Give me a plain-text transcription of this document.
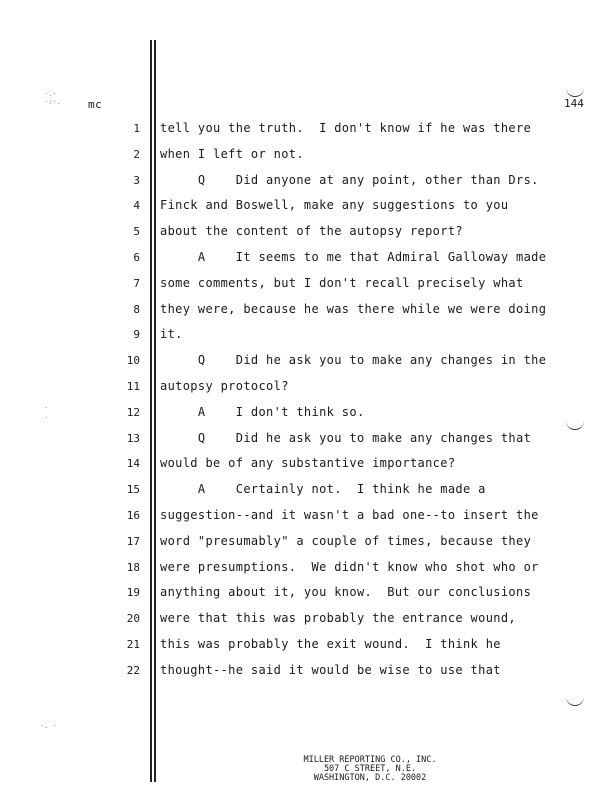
·.·
·:·.
·
.
·. ·
mc	144
1 tell you the truth.  I don't know if he was there
2 when I left or not.
3 Q    Did anyone at any point, other than Drs.
4 Finck and Boswell, make any suggestions to you
5 about the content of the autopsy report?
6 A    It seems to me that Admiral Galloway made
7 some comments, but I don't recall precisely what
8 they were, because he was there while we were doing
9 it.
10 Q    Did he ask you to make any changes in the
11 autopsy protocol?
12 A    I don't think so.
13 Q    Did he ask you to make any changes that
14 would be of any substantive importance?
15 A    Certainly not.  I think he made a
16 suggestion--and it wasn't a bad one--to insert the
17 word "presumably" a couple of times, because they
18 were presumptions.  We didn't know who shot who or
19 anything about it, you know.  But our conclusions
20 were that this was probably the entrance wound,
21 this was probably the exit wound.  I think he
22 thought--he said it would be wise to use that
MILLER REPORTING CO., INC.
507 C STREET, N.E.
WASHINGTON, D.C. 20002
